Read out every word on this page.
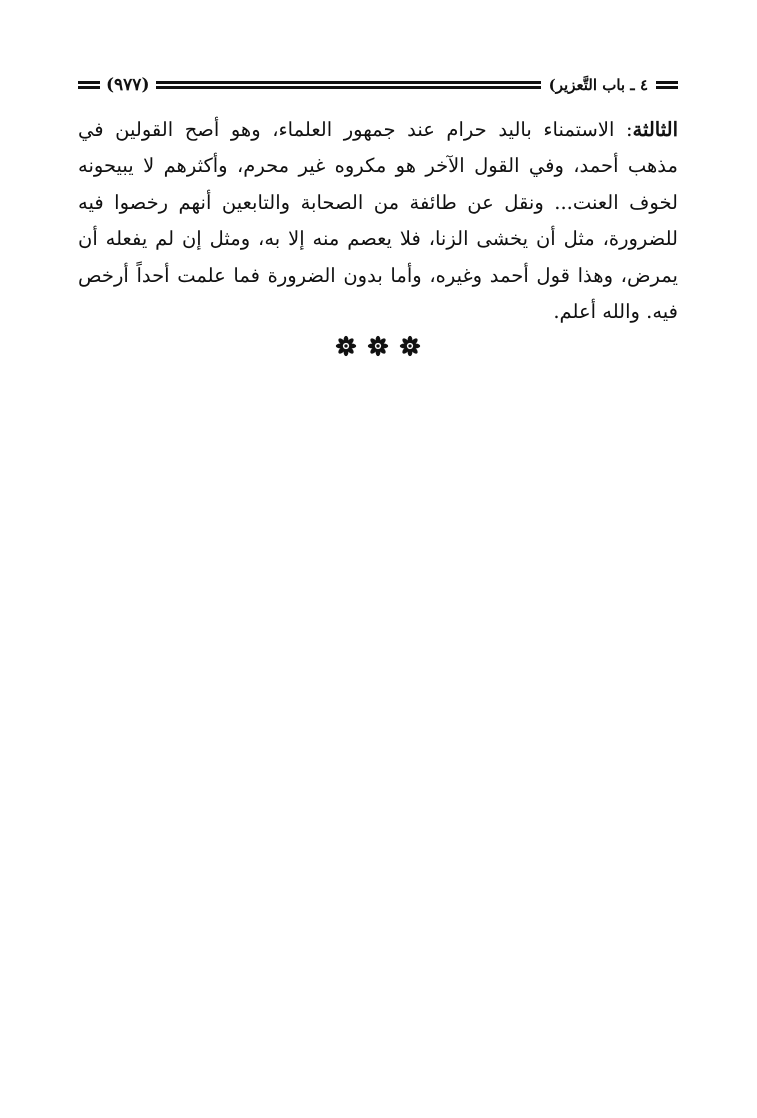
(٩٧٧)	٤ ـ باب التَّعزير)
الثالثة: الاستمناء باليد حرام عند جمهور العلماء، وهو أصح القولين في مذهب أحمد، وفي القول الآخر هو مكروه غير محرم، وأكثرهم لا يبيحونه لخوف العنت... ونقل عن طائفة من الصحابة والتابعين أنهم رخصوا فيه للضرورة، مثل أن يخشى الزنا، فلا يعصم منه إلا به، ومثل إن لم يفعله أن يمرض، وهذا قول أحمد وغيره، وأما بدون الضرورة فما علمت أحداً أرخص فيه. والله أعلم.
